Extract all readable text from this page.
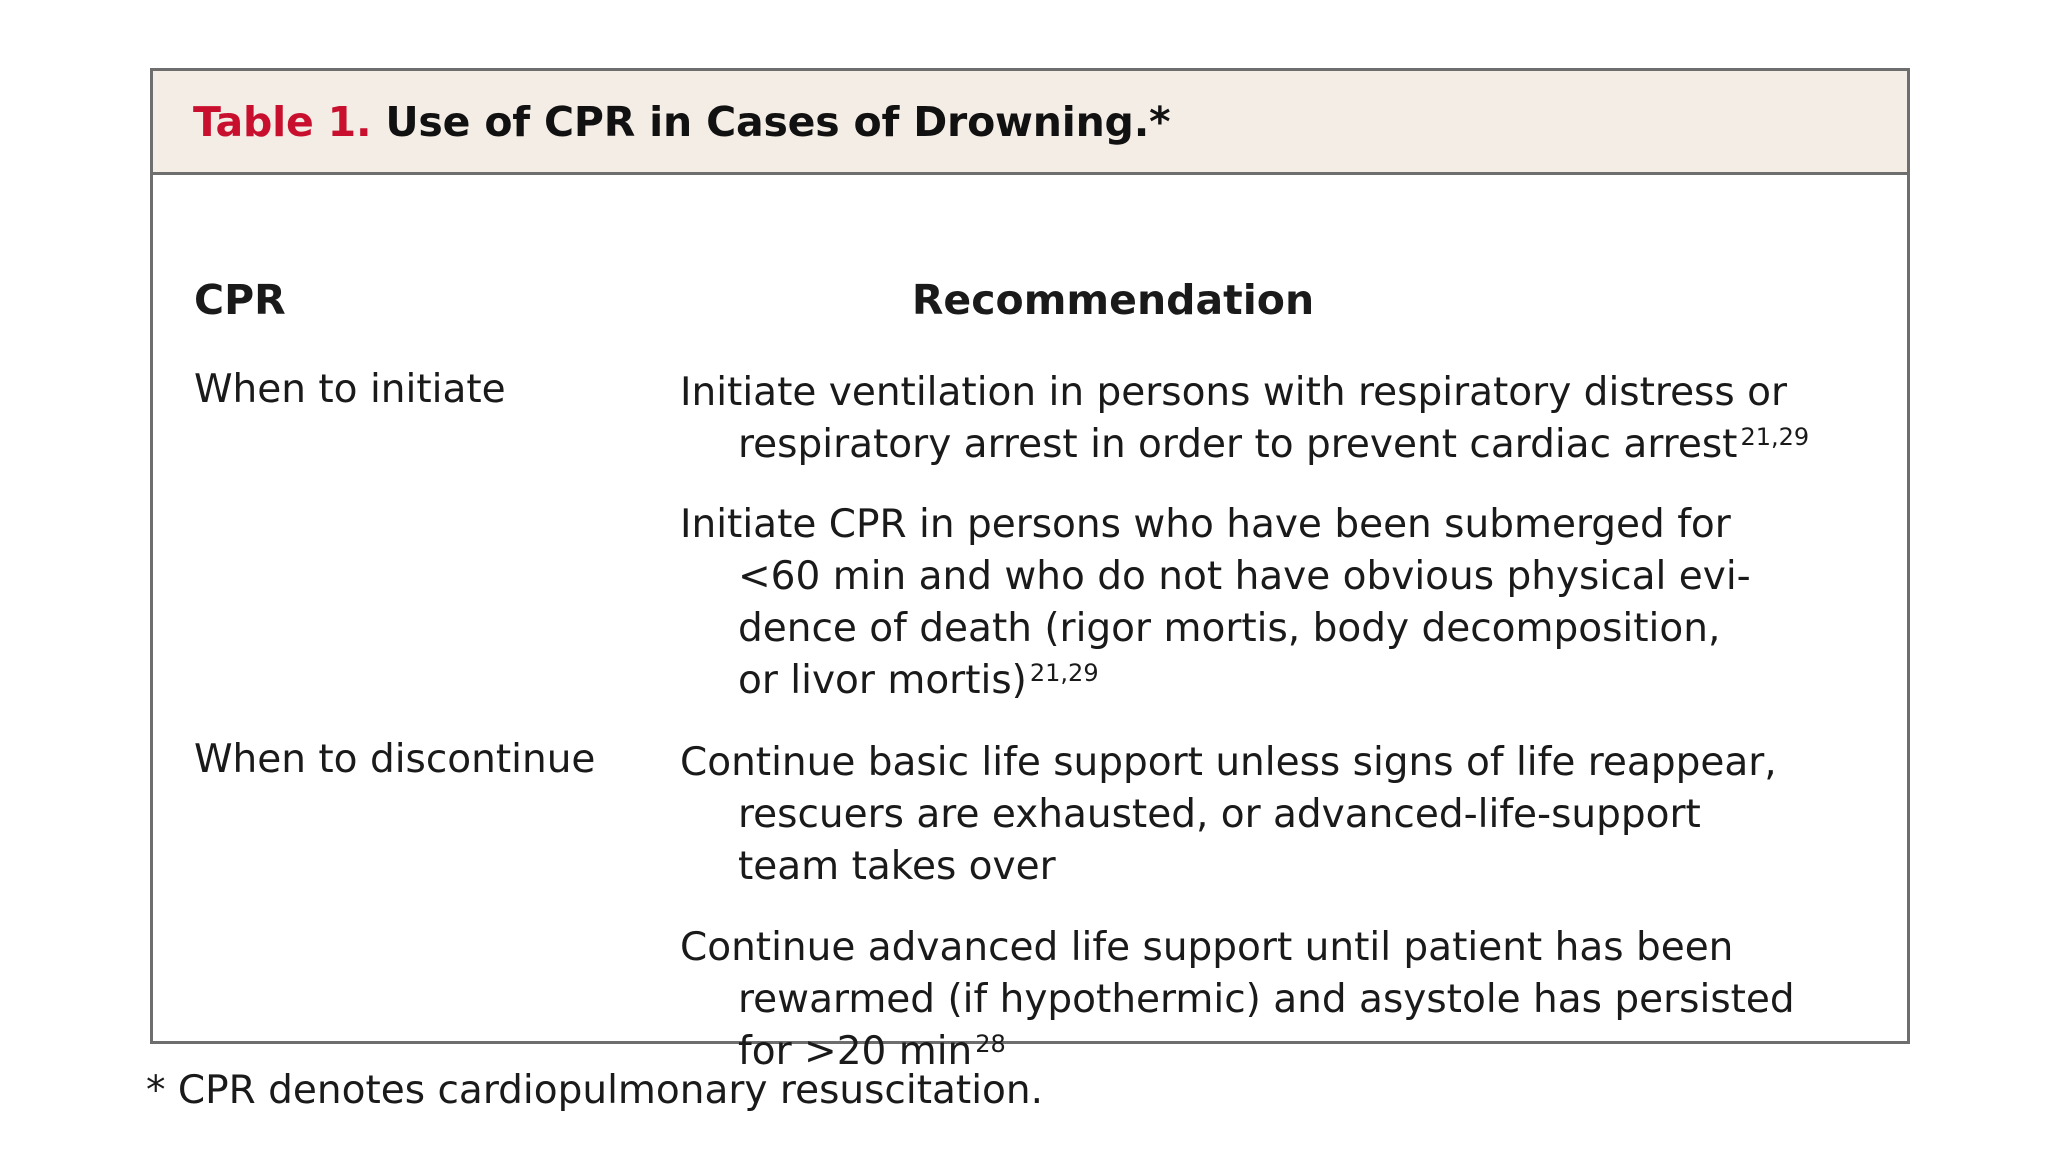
Table 1. Use of CPR in Cases of Drowning.*
CPR	Recommendation
When to initiate	Initiate ventilation in persons with respiratory distress or
respiratory arrest in order to prevent cardiac arrest $^{21,29}$
Initiate CPR in persons who have been submerged for
<60 min and who do not have obvious physical evi-
dence of death (rigor mortis, body decomposition,
or livor mortis) $^{21,29}$
When to discontinue Continue basic life support unless signs of life reappear,
rescuers are exhausted, or advanced-life-support
team takes over
Continue advanced life support until patient has been
rewarmed (if hypothermic) and asystole has persisted
for >20 min $^{28}$
* CPR denotes cardiopulmonary resuscitation.
